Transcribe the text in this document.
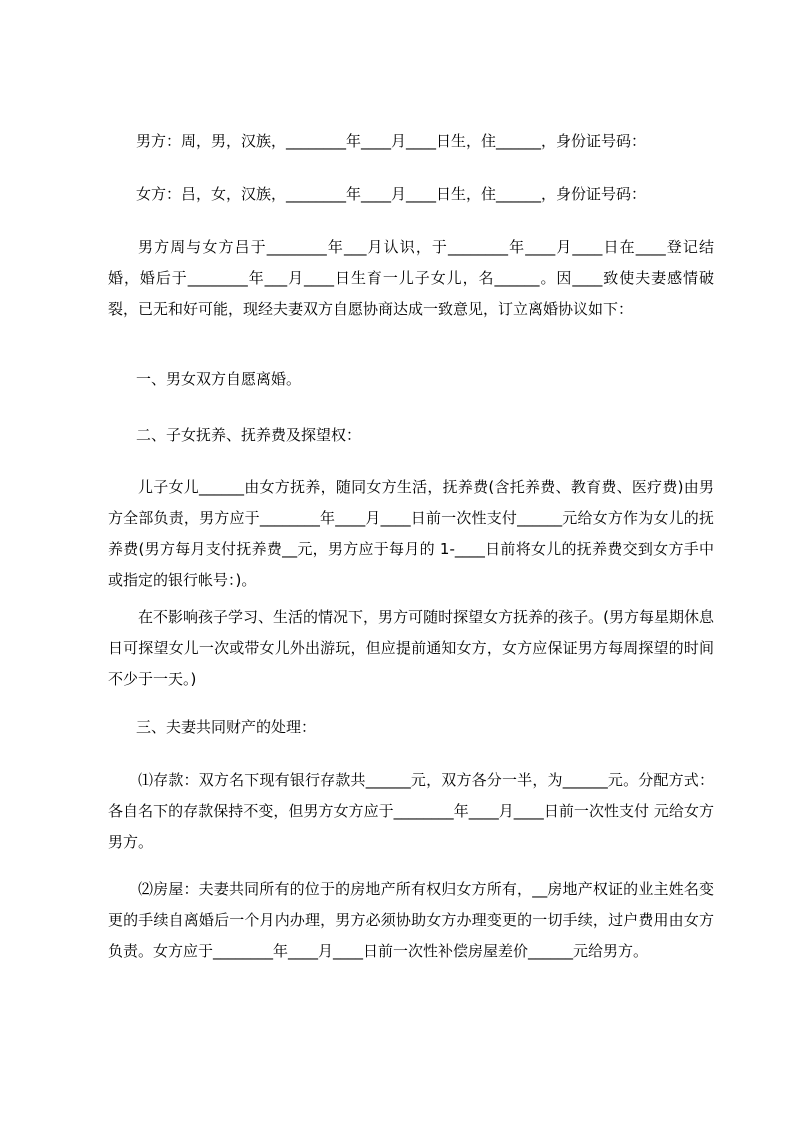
男方：周，男，汉族，________年____月____日生，住______，身份证号码：

女方：吕，女，汉族，________年____月____日生，住______，身份证号码：

男方周与女方吕于________年___月认识，于________年____月____日在____登记结婚，婚后于________年___月____日生育一儿子女儿，名______。因____致使夫妻感情破裂，已无和好可能，现经夫妻双方自愿协商达成一致意见，订立离婚协议如下：

一、男女双方自愿离婚。

二、子女抚养、抚养费及探望权：

儿子女儿______由女方抚养，随同女方生活，抚养费(含托养费、教育费、医疗费)由男方全部负责，男方应于________年____月____日前一次性支付______元给女方作为女儿的抚养费(男方每月支付抚养费__元，男方应于每月的 1-____日前将女儿的抚养费交到女方手中或指定的银行帐号：)。

在不影响孩子学习、生活的情况下，男方可随时探望女方抚养的孩子。(男方每星期休息日可探望女儿一次或带女儿外出游玩，但应提前通知女方，女方应保证男方每周探望的时间不少于一天。)

三、夫妻共同财产的处理：

⑴存款：双方名下现有银行存款共______元，双方各分一半，为______元。分配方式：各自名下的存款保持不变，但男方女方应于________年____月____日前一次性支付 元给女方男方。

⑵房屋：夫妻共同所有的位于的房地产所有权归女方所有，__房地产权证的业主姓名变更的手续自离婚后一个月内办理，男方必须协助女方办理变更的一切手续，过户费用由女方负责。女方应于________年____月____日前一次性补偿房屋差价______元给男方。
